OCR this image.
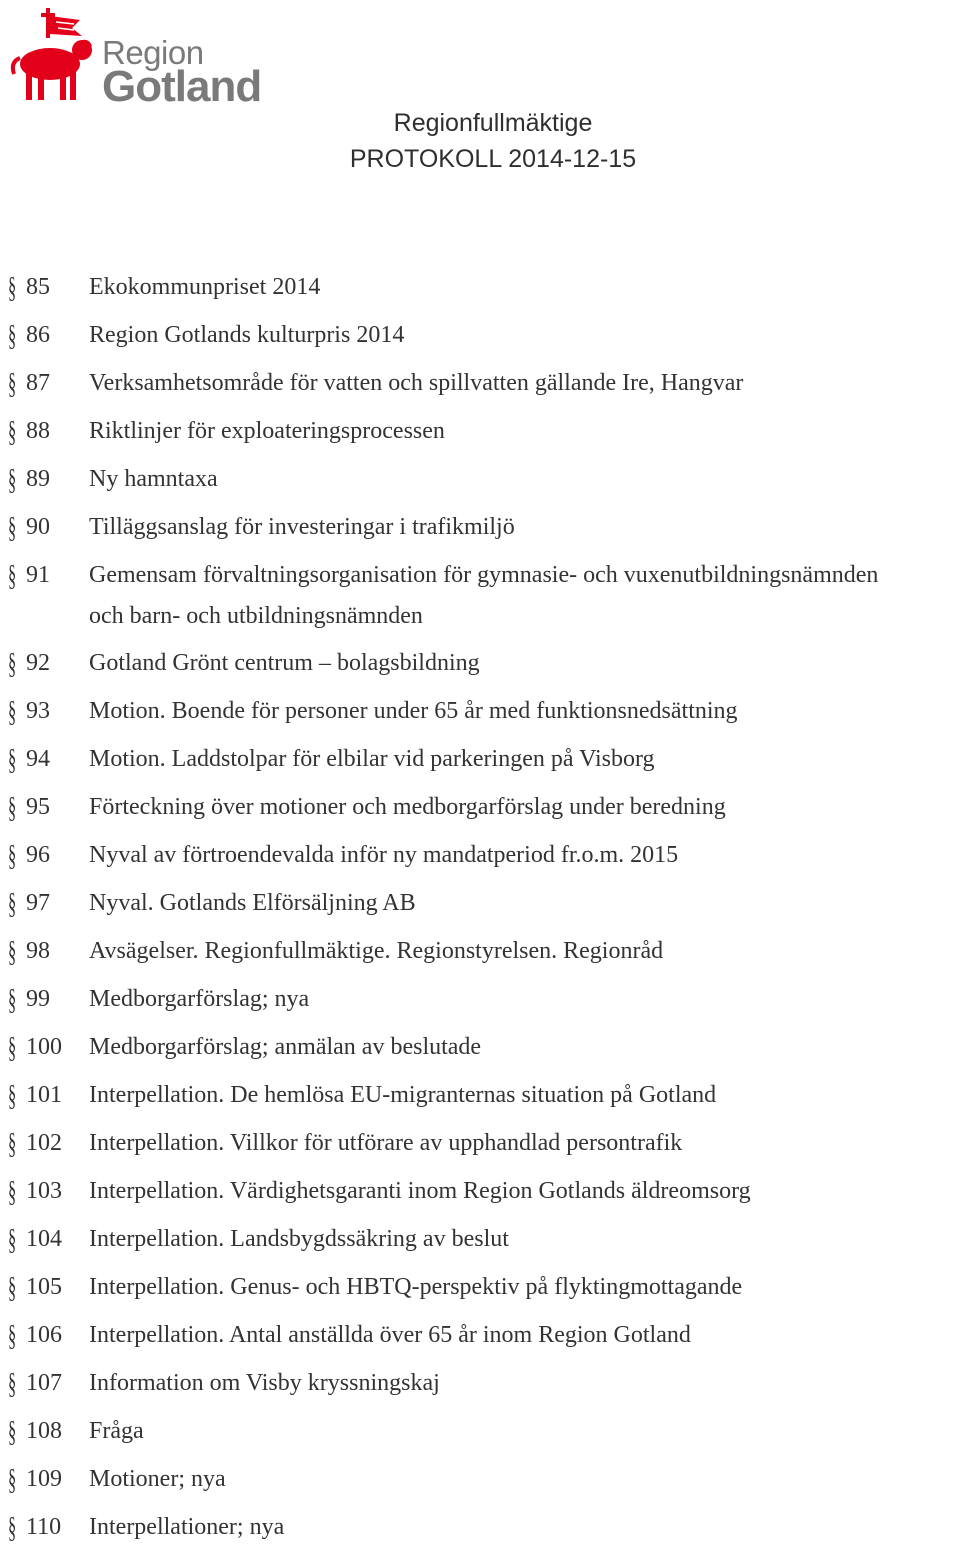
Region
Gotland
Regionfullmäktige
PROTOKOLL 2014-12-15
§ 85 Ekokommunpriset 2014
§ 86 Region Gotlands kulturpris 2014
§ 87 Verksamhetsområde för vatten och spillvatten gällande Ire, Hangvar
§ 88 Riktlinjer för exploateringsprocessen
§ 89 Ny hamntaxa
§ 90 Tilläggsanslag för investeringar i trafikmiljö
§ 91 Gemensam förvaltningsorganisation för gymnasie- och vuxenutbildningsnämnden
och barn- och utbildningsnämnden
§ 92 Gotland Grönt centrum – bolagsbildning
§ 93 Motion. Boende för personer under 65 år med funktionsnedsättning
§ 94 Motion. Laddstolpar för elbilar vid parkeringen på Visborg
§ 95 Förteckning över motioner och medborgarförslag under beredning
§ 96 Nyval av förtroendevalda inför ny mandatperiod fr.o.m. 2015
§ 97 Nyval. Gotlands Elförsäljning AB
§ 98 Avsägelser. Regionfullmäktige. Regionstyrelsen. Regionråd
§ 99 Medborgarförslag; nya
§ 100 Medborgarförslag; anmälan av beslutade
§ 101 Interpellation. De hemlösa EU-migranternas situation på Gotland
§ 102 Interpellation. Villkor för utförare av upphandlad persontrafik
§ 103 Interpellation. Värdighetsgaranti inom Region Gotlands äldreomsorg
§ 104 Interpellation. Landsbygdssäkring av beslut
§ 105 Interpellation. Genus- och HBTQ-perspektiv på flyktingmottagande
§ 106 Interpellation. Antal anställda över 65 år inom Region Gotland
§ 107 Information om Visby kryssningskaj
§ 108 Fråga
§ 109 Motioner; nya
§ 110 Interpellationer; nya
